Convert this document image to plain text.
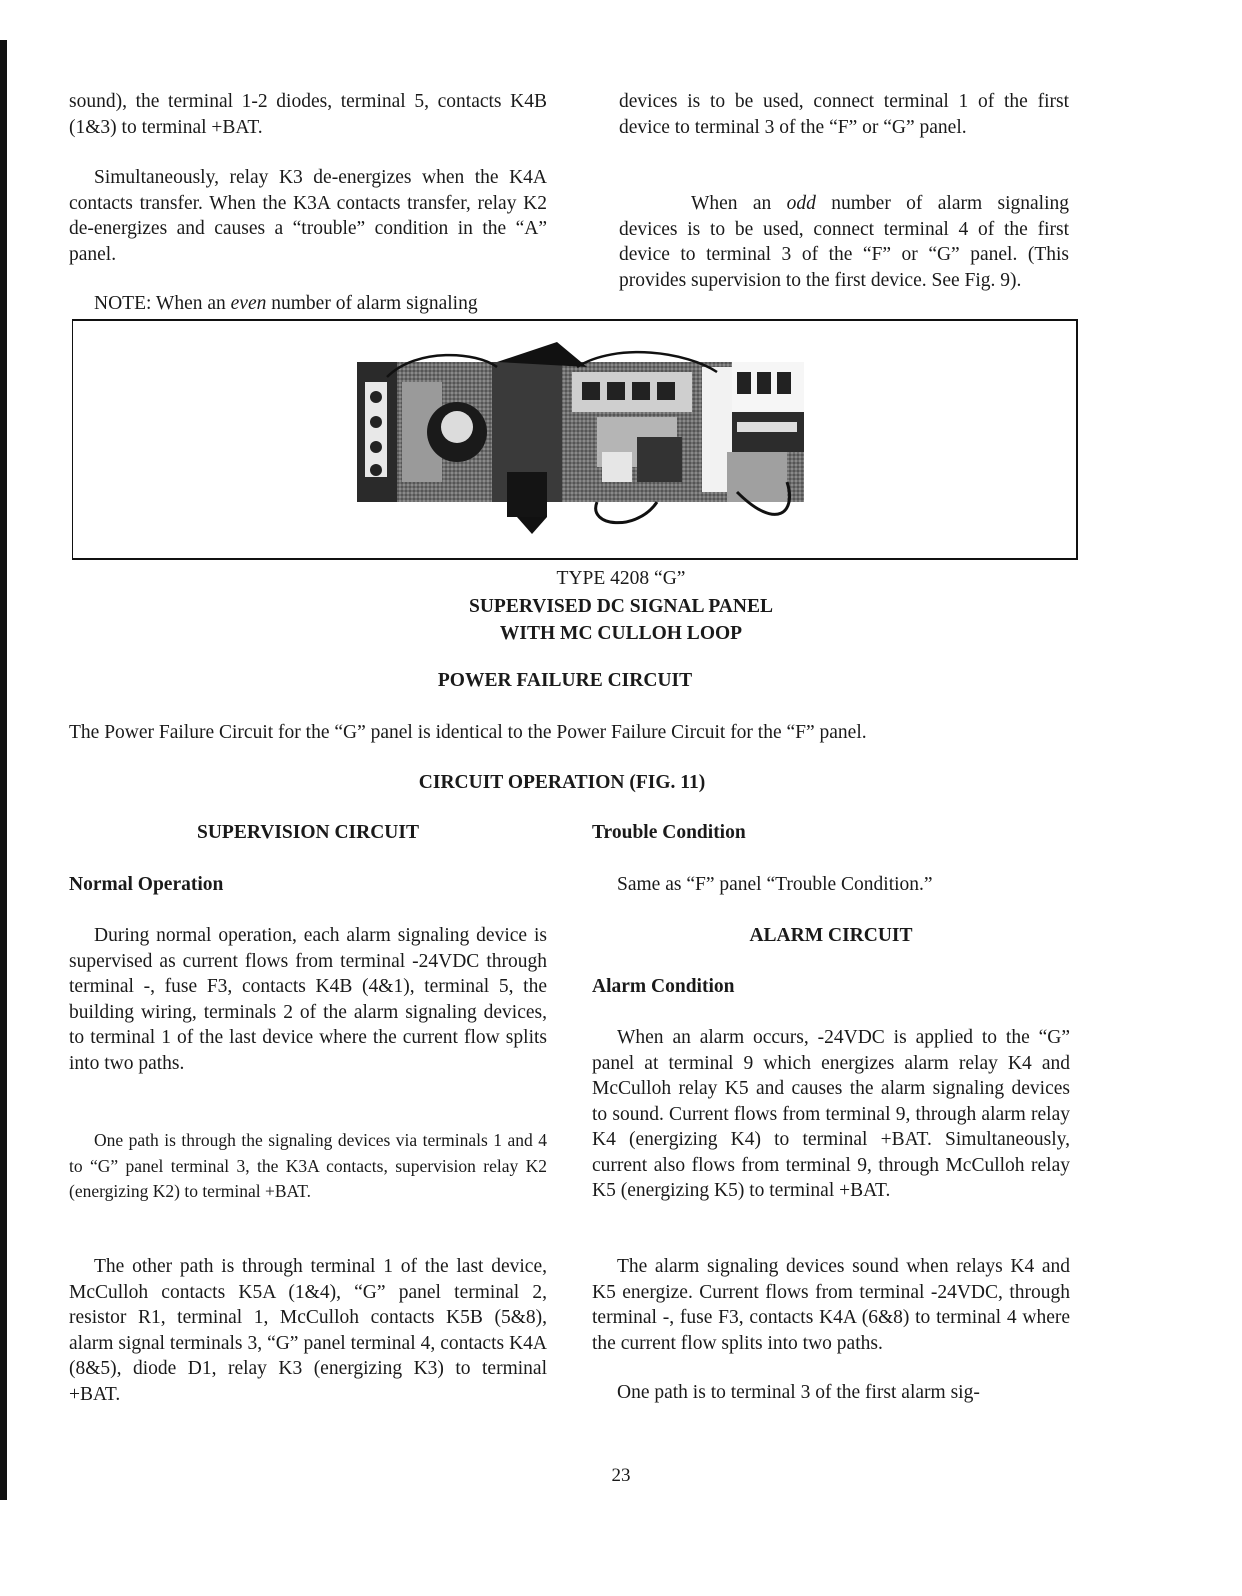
sound), the terminal 1-2 diodes, terminal 5, contacts K4B (1&3) to terminal +BAT.

Simultaneously, relay K3 de-energizes when the K4A contacts transfer. When the K3A contacts transfer, relay K2 de-energizes and causes a “trouble” condition in the “A” panel.

NOTE: When an even number of alarm signaling

devices is to be used, connect terminal 1 of the first device to terminal 3 of the “F” or “G” panel.

When an odd number of alarm signaling devices is to be used, connect terminal 4 of the first device to terminal 3 of the “F” or “G” panel. (This provides supervision to the first device. See Fig. 9).

TYPE 4208 “G”

SUPERVISED DC SIGNAL PANEL

WITH MC CULLOH LOOP

POWER FAILURE CIRCUIT

The Power Failure Circuit for the “G” panel is identical to the Power Failure Circuit for the “F” panel.

CIRCUIT OPERATION (FIG. 11)

SUPERVISION CIRCUIT

Normal Operation

During normal operation, each alarm signaling device is supervised as current flows from terminal -24VDC through terminal -, fuse F3, contacts K4B (4&1), terminal 5, the building wiring, terminals 2 of the alarm signaling devices, to terminal 1 of the last device where the current flow splits into two paths.

One path is through the signaling devices via terminals 1 and 4 to “G” panel terminal 3, the K3A contacts, supervision relay K2 (energizing K2) to terminal +BAT.

The other path is through terminal 1 of the last device, McCulloh contacts K5A (1&4), “G” panel terminal 2, resistor R1, terminal 1, McCulloh contacts K5B (5&8), alarm signal terminals 3, “G” panel terminal 4, contacts K4A (8&5), diode D1, relay K3 (energizing K3) to terminal +BAT.

Trouble Condition

Same as “F” panel “Trouble Condition.”

ALARM CIRCUIT

Alarm Condition

When an alarm occurs, -24VDC is applied to the “G” panel at terminal 9 which energizes alarm relay K4 and McCulloh relay K5 and causes the alarm signaling devices to sound. Current flows from terminal 9, through alarm relay K4 (energizing K4) to terminal +BAT. Simultaneously, current also flows from terminal 9, through McCulloh relay K5 (energizing K5) to terminal +BAT.

The alarm signaling devices sound when relays K4 and K5 energize. Current flows from terminal -24VDC, through terminal -, fuse F3, contacts K4A (6&8) to terminal 4 where the current flow splits into two paths.

One path is to terminal 3 of the first alarm sig-

23
